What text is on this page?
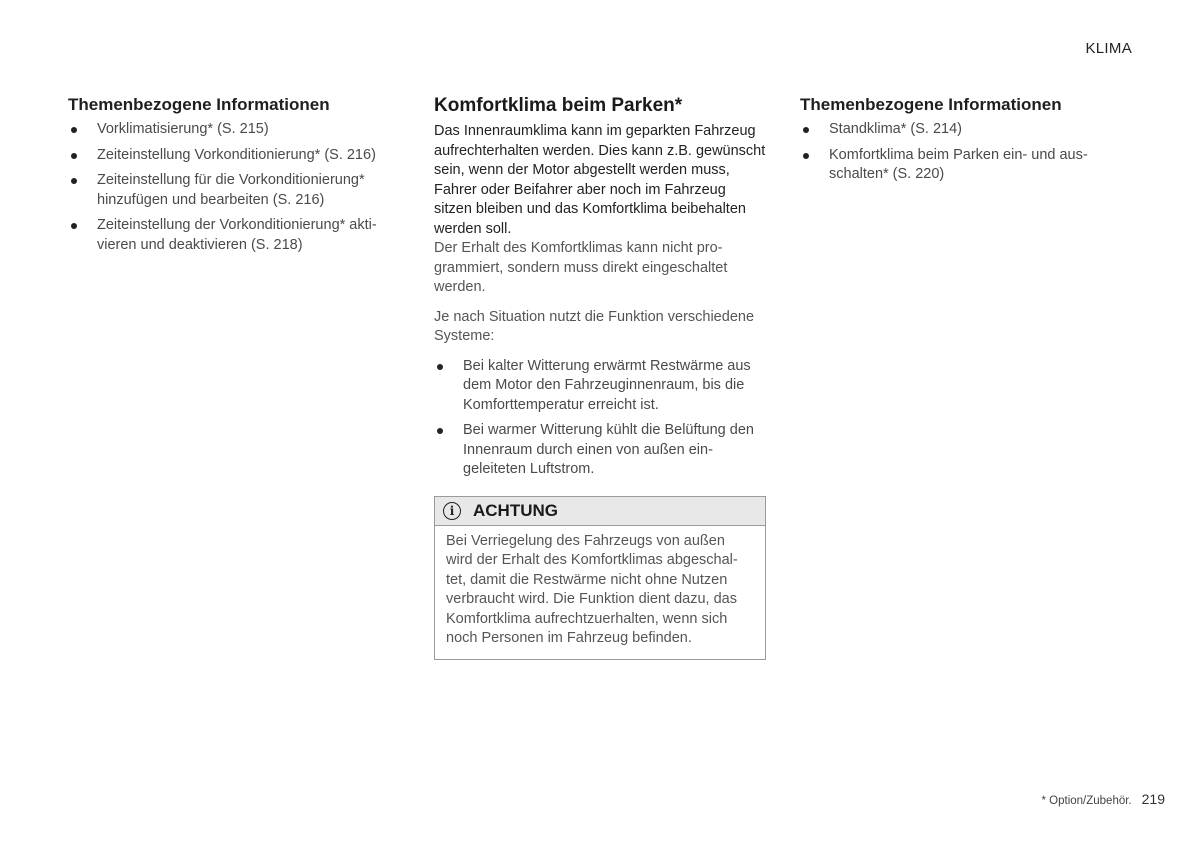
KLIMA
Themenbezogene Informationen
Vorklimatisierung* (S. 215)
Zeiteinstellung Vorkonditionierung* (S. 216)
Zeiteinstellung für die Vorkonditionierung* hinzufügen und bearbeiten (S. 216)
Zeiteinstellung der Vorkonditionierung* aktivieren und deaktivieren (S. 218)
Komfortklima beim Parken*

Das Innenraumklima kann im geparkten Fahrzeug aufrechterhalten werden. Dies kann z.B. gewünscht sein, wenn der Motor abgestellt werden muss, Fahrer oder Beifahrer aber noch im Fahrzeug sitzen bleiben und das Komfortklima beibehalten werden soll.

Der Erhalt des Komfortklimas kann nicht programmiert, sondern muss direkt eingeschaltet werden.

Je nach Situation nutzt die Funktion verschiedene Systeme:

Bei kalter Witterung erwärmt Restwärme aus dem Motor den Fahrzeuginnenraum, bis die Komforttemperatur erreicht ist.
Bei warmer Witterung kühlt die Belüftung den Innenraum durch einen von außen eingeleiteten Luftstrom.
i	ACHTUNG
Bei Verriegelung des Fahrzeugs von außen wird der Erhalt des Komfortklimas abgeschaltet, damit die Restwärme nicht ohne Nutzen verbraucht wird. Die Funktion dient dazu, das Komfortklima aufrechtzuerhalten, wenn sich noch Personen im Fahrzeug befinden.
Themenbezogene Informationen
Standklima* (S. 214)
Komfortklima beim Parken ein- und ausschalten* (S. 220)
* Option/Zubehör. 219
